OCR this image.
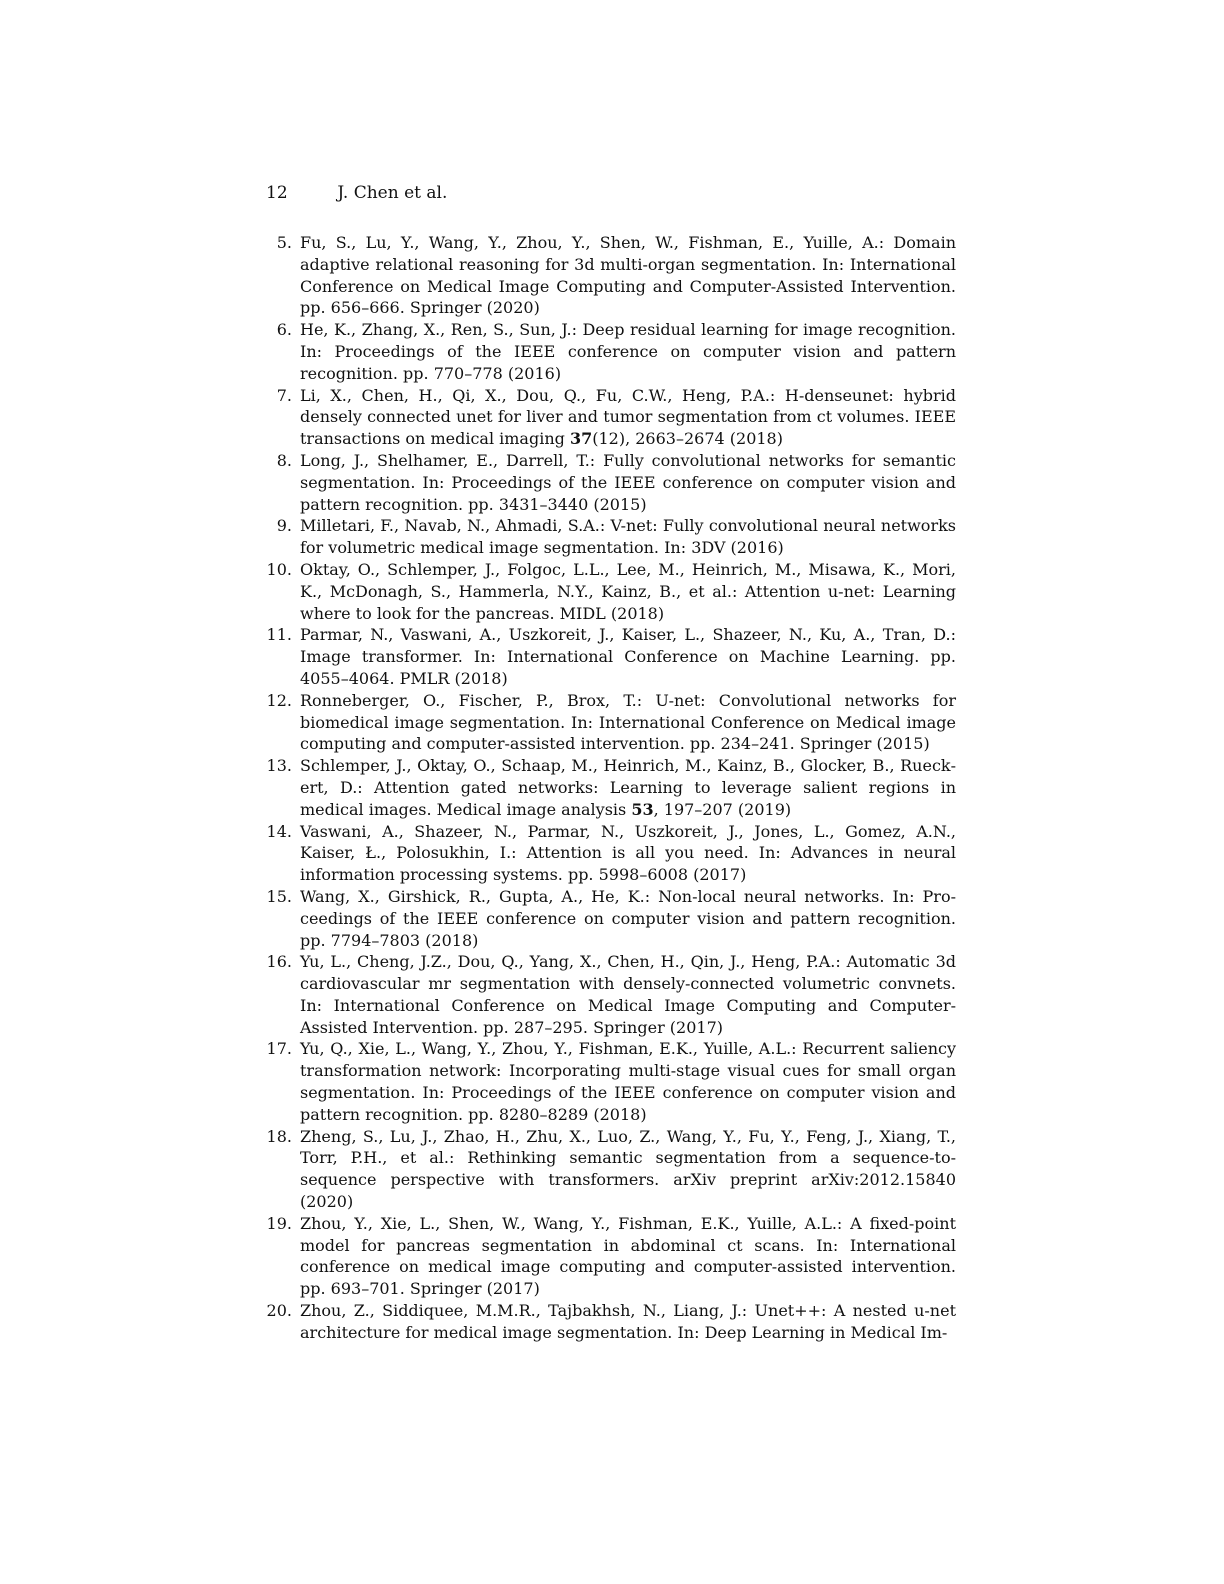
12	J. Chen et al.
5. Fu, S., Lu, Y., Wang, Y., Zhou, Y., Shen, W., Fishman, E., Yuille, A.: Domain adaptive relational reasoning for 3d multi-organ segmentation. In: International Conference on Medical Image Computing and Computer-Assisted Intervention. pp. 656–666. Springer (2020)
6. He, K., Zhang, X., Ren, S., Sun, J.: Deep residual learning for image recognition. In: Proceedings of the IEEE conference on computer vision and pattern recognition. pp. 770–778 (2016)
7. Li, X., Chen, H., Qi, X., Dou, Q., Fu, C.W., Heng, P.A.: H-denseunet: hybrid densely connected unet for liver and tumor segmentation from ct volumes. IEEE transactions on medical imaging 37(12), 2663–2674 (2018)
8. Long, J., Shelhamer, E., Darrell, T.: Fully convolutional networks for semantic segmentation. In: Proceedings of the IEEE conference on computer vision and pattern recognition. pp. 3431–3440 (2015)
9. Milletari, F., Navab, N., Ahmadi, S.A.: V-net: Fully convolutional neural networks for volumetric medical image segmentation. In: 3DV (2016)
10. Oktay, O., Schlemper, J., Folgoc, L.L., Lee, M., Heinrich, M., Misawa, K., Mori, K., McDonagh, S., Hammerla, N.Y., Kainz, B., et al.: Attention u-net: Learning where to look for the pancreas. MIDL (2018)
11. Parmar, N., Vaswani, A., Uszkoreit, J., Kaiser, L., Shazeer, N., Ku, A., Tran, D.: Image transformer. In: International Conference on Machine Learning. pp. 4055–4064. PMLR (2018)
12. Ronneberger, O., Fischer, P., Brox, T.: U-net: Convolutional networks for biomedical image segmentation. In: International Conference on Medical image computing and computer-assisted intervention. pp. 234–241. Springer (2015)
13. Schlemper, J., Oktay, O., Schaap, M., Heinrich, M., Kainz, B., Glocker, B., Rueckert, D.: Attention gated networks: Learning to leverage salient regions in medical images. Medical image analysis 53, 197–207 (2019)
14. Vaswani, A., Shazeer, N., Parmar, N., Uszkoreit, J., Jones, L., Gomez, A.N., Kaiser, Ł., Polosukhin, I.: Attention is all you need. In: Advances in neural information processing systems. pp. 5998–6008 (2017)
15. Wang, X., Girshick, R., Gupta, A., He, K.: Non-local neural networks. In: Proceedings of the IEEE conference on computer vision and pattern recognition. pp. 7794–7803 (2018)
16. Yu, L., Cheng, J.Z., Dou, Q., Yang, X., Chen, H., Qin, J., Heng, P.A.: Automatic 3d cardiovascular mr segmentation with densely-connected volumetric convnets. In: International Conference on Medical Image Computing and Computer-Assisted Intervention. pp. 287–295. Springer (2017)
17. Yu, Q., Xie, L., Wang, Y., Zhou, Y., Fishman, E.K., Yuille, A.L.: Recurrent saliency transformation network: Incorporating multi-stage visual cues for small organ segmentation. In: Proceedings of the IEEE conference on computer vision and pattern recognition. pp. 8280–8289 (2018)
18. Zheng, S., Lu, J., Zhao, H., Zhu, X., Luo, Z., Wang, Y., Fu, Y., Feng, J., Xiang, T., Torr, P.H., et al.: Rethinking semantic segmentation from a sequence-to-sequence perspective with transformers. arXiv preprint arXiv:2012.15840 (2020)
19. Zhou, Y., Xie, L., Shen, W., Wang, Y., Fishman, E.K., Yuille, A.L.: A fixed-point model for pancreas segmentation in abdominal ct scans. In: International conference on medical image computing and computer-assisted intervention. pp. 693–701. Springer (2017)
20. Zhou, Z., Siddiquee, M.M.R., Tajbakhsh, N., Liang, J.: Unet++: A nested u-net architecture for medical image segmentation. In: Deep Learning in Medical Im-
